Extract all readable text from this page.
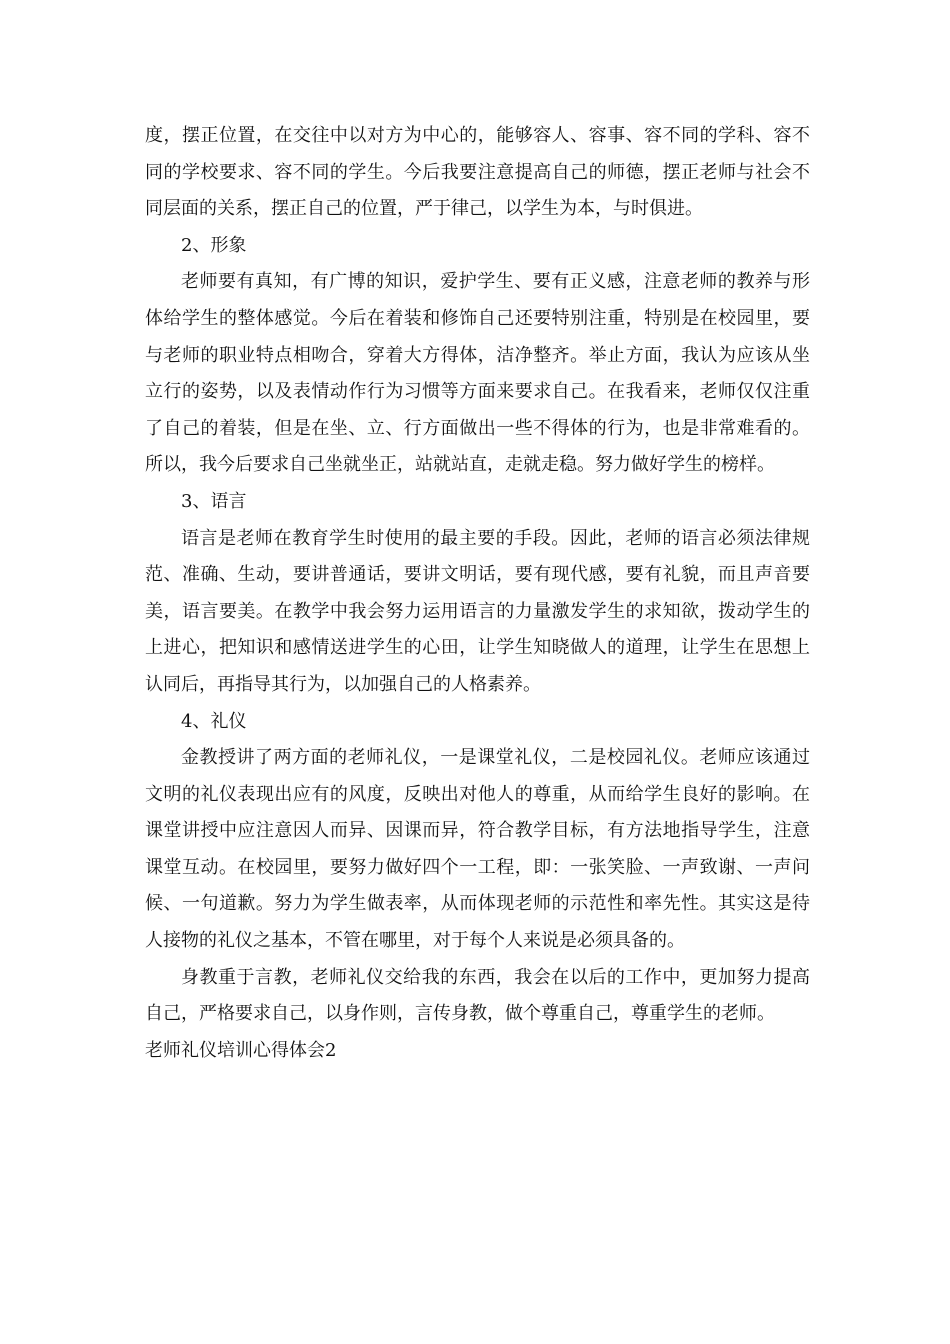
度，摆正位置，在交往中以对方为中心的，能够容人、容事、容不同的学科、容不同的学校要求、容不同的学生。今后我要注意提高自己的师德，摆正老师与社会不同层面的关系，摆正自己的位置，严于律己，以学生为本，与时俱进。

2、形象

老师要有真知，有广博的知识，爱护学生、要有正义感，注意老师的教养与形体给学生的整体感觉。今后在着装和修饰自己还要特别注重，特别是在校园里，要与老师的职业特点相吻合，穿着大方得体，洁净整齐。举止方面，我认为应该从坐立行的姿势，以及表情动作行为习惯等方面来要求自己。在我看来，老师仅仅注重了自己的着装，但是在坐、立、行方面做出一些不得体的行为，也是非常难看的。所以，我今后要求自己坐就坐正，站就站直，走就走稳。努力做好学生的榜样。

3、语言

语言是老师在教育学生时使用的最主要的手段。因此，老师的语言必须法律规范、准确、生动，要讲普通话，要讲文明话，要有现代感，要有礼貌，而且声音要美，语言要美。在教学中我会努力运用语言的力量激发学生的求知欲，拨动学生的上进心，把知识和感情送进学生的心田，让学生知晓做人的道理，让学生在思想上认同后，再指导其行为，以加强自己的人格素养。

4、礼仪

金教授讲了两方面的老师礼仪，一是课堂礼仪，二是校园礼仪。老师应该通过文明的礼仪表现出应有的风度，反映出对他人的尊重，从而给学生良好的影响。在课堂讲授中应注意因人而异、因课而异，符合教学目标，有方法地指导学生，注意课堂互动。在校园里，要努力做好四个一工程，即：一张笑脸、一声致谢、一声问候、一句道歉。努力为学生做表率，从而体现老师的示范性和率先性。其实这是待人接物的礼仪之基本，不管在哪里，对于每个人来说是必须具备的。

身教重于言教，老师礼仪交给我的东西，我会在以后的工作中，更加努力提高自己，严格要求自己，以身作则，言传身教，做个尊重自己，尊重学生的老师。

老师礼仪培训心得体会2
